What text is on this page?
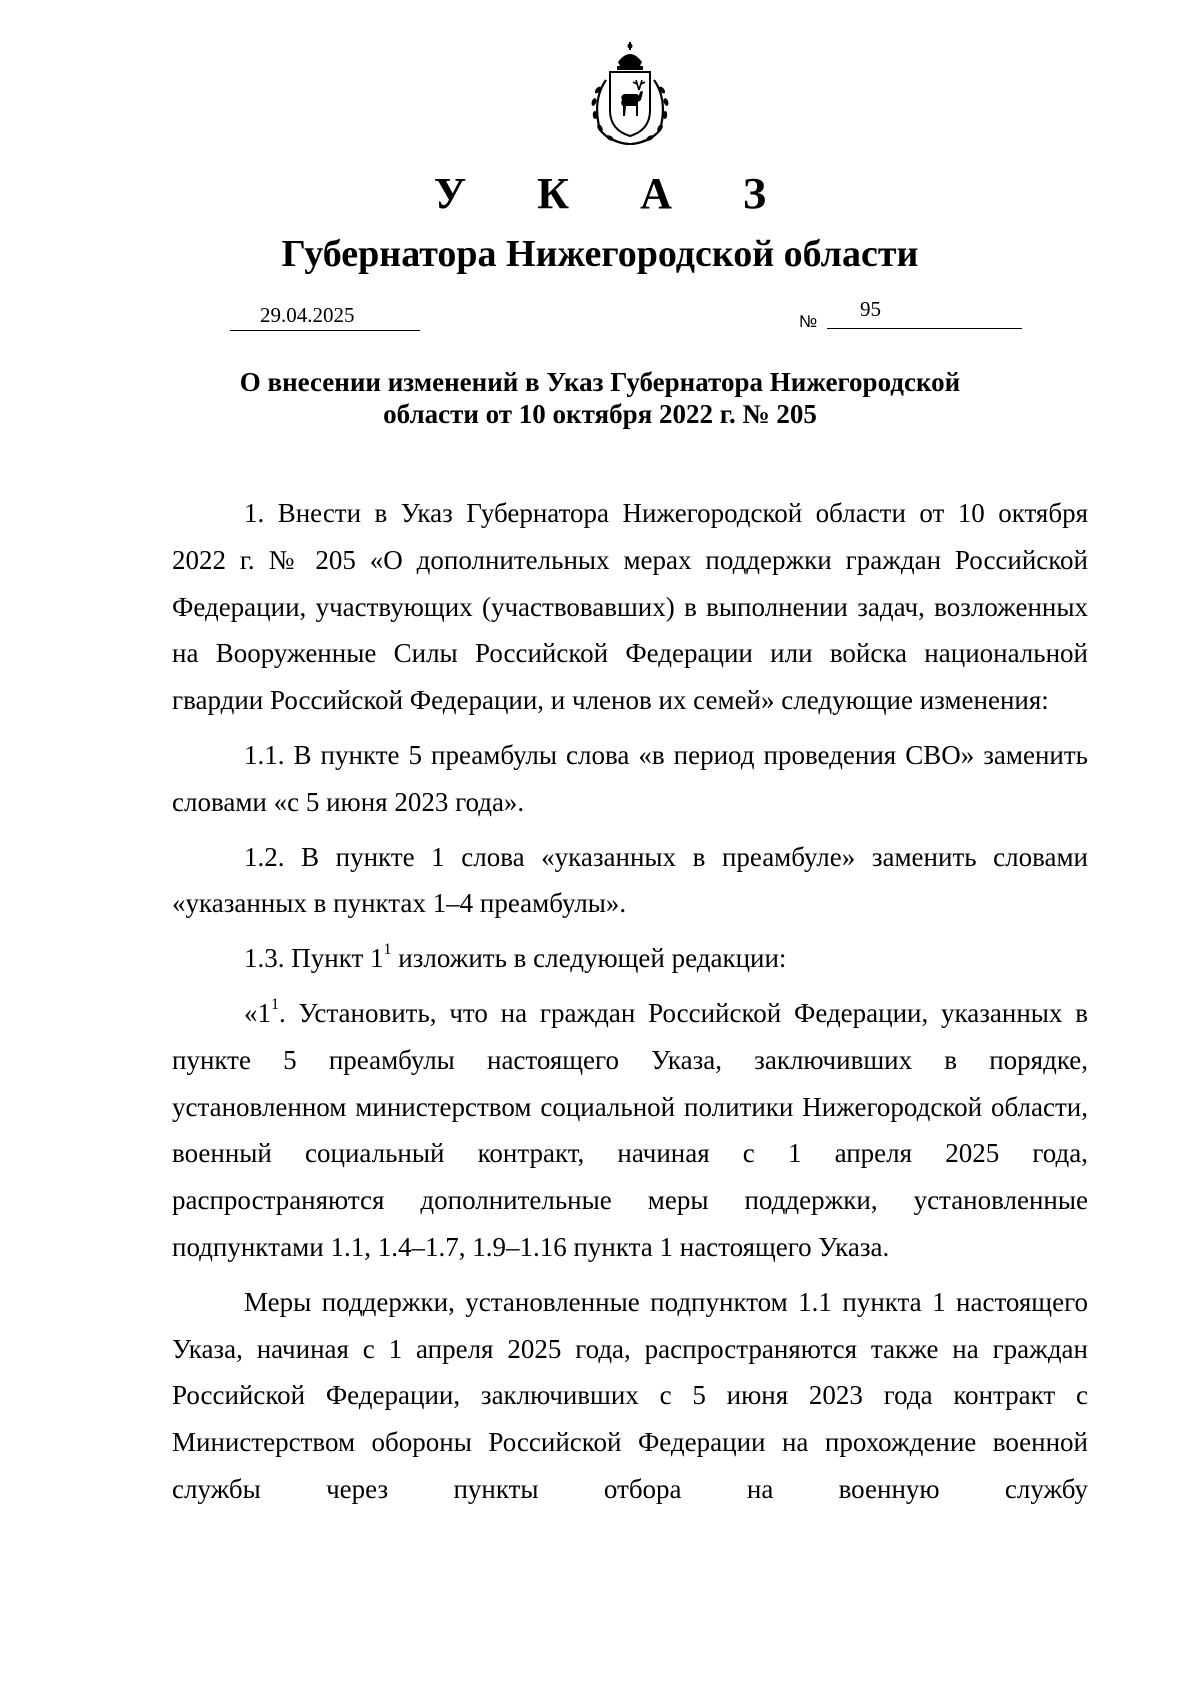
У К А З
Губернатора Нижегородской области
29.04.2025	№
95
О внесении изменений в Указ Губернатора Нижегородской
области от 10 октября 2022 г. № 205

1. Внести в Указ Губернатора Нижегородской области от 10 октября 2022 г. № 205 «О дополнительных мерах поддержки граждан Российской Федерации, участвующих (участвовавших) в выполнении задач, возложенных на Вооруженные Силы Российской Федерации или войска национальной гвардии Российской Федерации, и членов их семей» следующие изменения:

1.1. В пункте 5 преамбулы слова «в период проведения СВО» заменить словами «с 5 июня 2023 года».

1.2. В пункте 1 слова «указанных в преамбуле» заменить словами «указанных в пунктах 1–4 преамбулы».

1.3. Пункт $1^1$ изложить в следующей редакции:

«$1^1$. Установить, что на граждан Российской Федерации, указанных в пункте 5 преамбулы настоящего Указа, заключивших в порядке, установленном министерством социальной политики Нижегородской области, военный социальный контракт, начиная с 1 апреля 2025 года, распространяются дополнительные меры поддержки, установленные подпунктами 1.1, 1.4–1.7, 1.9–1.16 пункта 1 настоящего Указа.

Меры поддержки, установленные подпунктом 1.1 пункта 1 настоящего Указа, начиная с 1 апреля 2025 года, распространяются также на граждан Российской Федерации, заключивших с 5 июня 2023 года контракт с Министерством обороны Российской Федерации на прохождение военной службы через пункты отбора на военную службу
